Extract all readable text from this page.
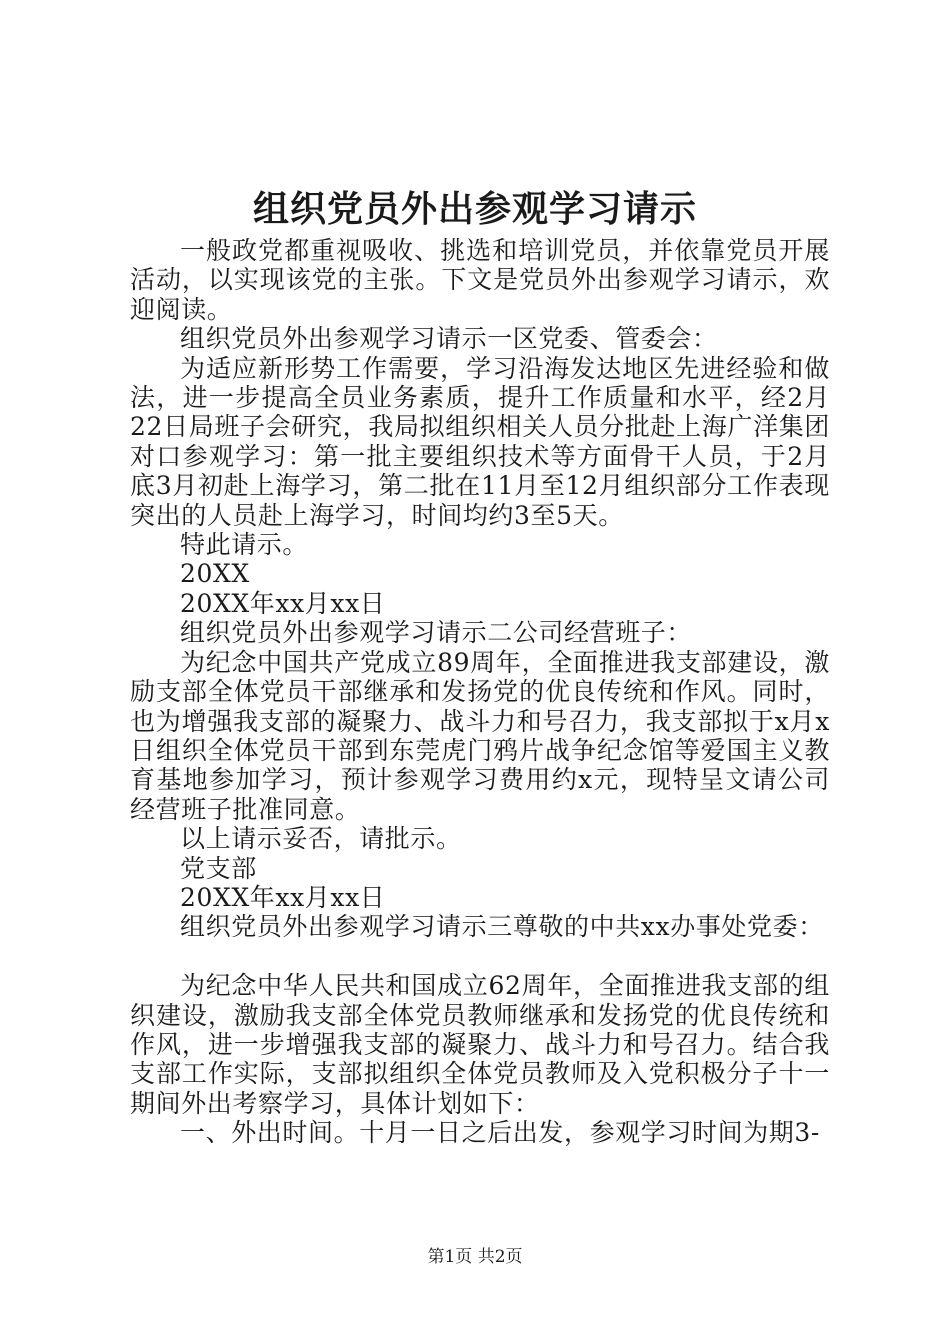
组织党员外出参观学习请示

一般政党都重视吸收、挑选和培训党员，并依靠党员开展活动，以实现该党的主张。下文是党员外出参观学习请示，欢迎阅读。

组织党员外出参观学习请示一区党委、管委会：

为适应新形势工作需要，学习沿海发达地区先进经验和做法，进一步提高全员业务素质，提升工作质量和水平，经2月22日局班子会研究，我局拟组织相关人员分批赴上海广洋集团对口参观学习：第一批主要组织技术等方面骨干人员，于2月底3月初赴上海学习，第二批在11月至12月组织部分工作表现突出的人员赴上海学习，时间均约3至5天。

特此请示。

20XX

20XX年xx月xx日

组织党员外出参观学习请示二公司经营班子：

为纪念中国共产党成立89周年，全面推进我支部建设，激励支部全体党员干部继承和发扬党的优良传统和作风。同时，也为增强我支部的凝聚力、战斗力和号召力，我支部拟于x月x日组织全体党员干部到东莞虎门鸦片战争纪念馆等爱国主义教育基地参加学习，预计参观学习费用约x元，现特呈文请公司经营班子批准同意。

以上请示妥否，请批示。

党支部

20XX年xx月xx日

组织党员外出参观学习请示三尊敬的中共xx办事处党委：

为纪念中华人民共和国成立62周年，全面推进我支部的组织建设，激励我支部全体党员教师继承和发扬党的优良传统和作风，进一步增强我支部的凝聚力、战斗力和号召力。结合我支部工作实际，支部拟组织全体党员教师及入党积极分子十一期间外出考察学习，具体计划如下：

一、外出时间。十月一日之后出发，参观学习时间为期3-

第1页 共2页
